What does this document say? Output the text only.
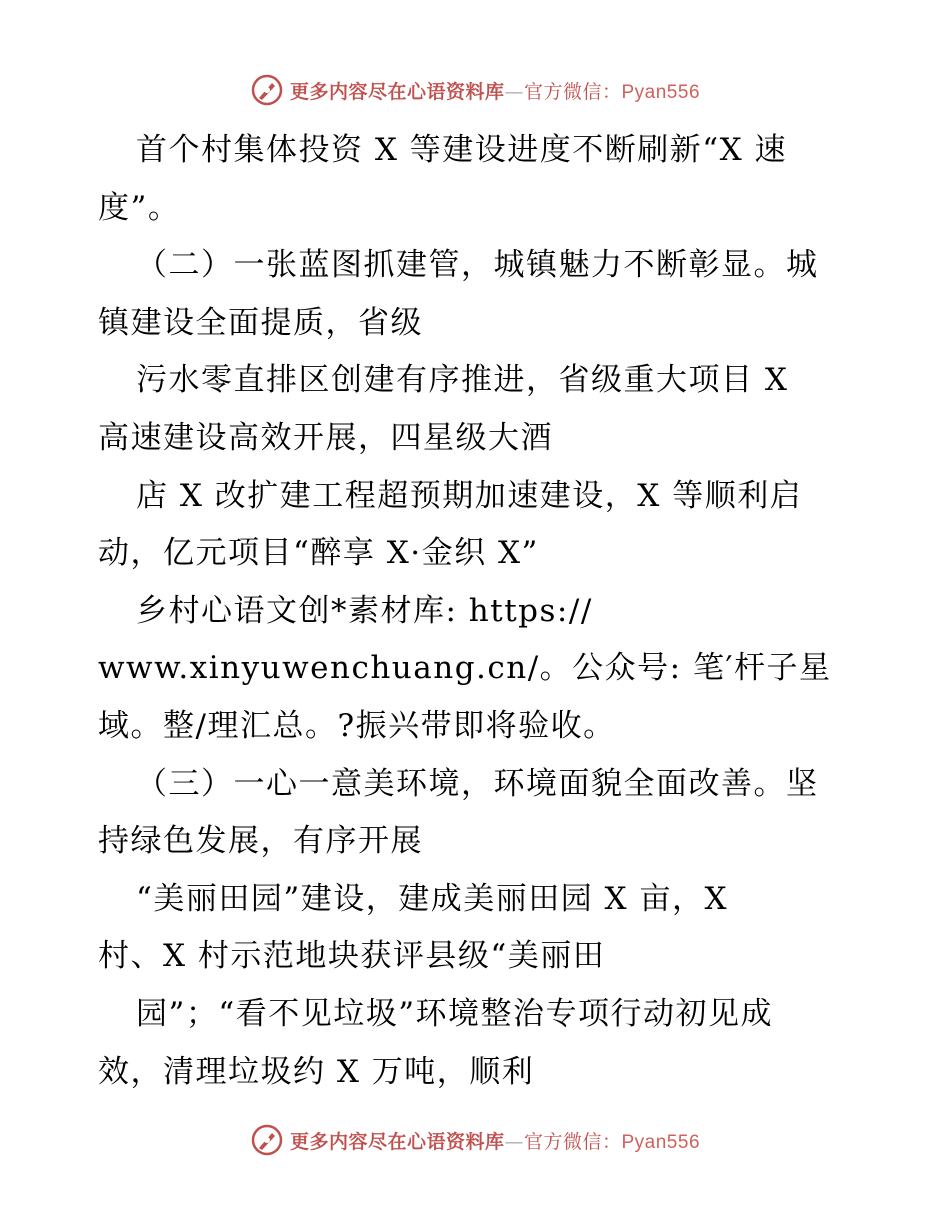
更多内容尽在心语资料库—官方微信：Pyan556
首个村集体投资 X 等建设进度不断刷新“X 速
度”。
（二）一张蓝图抓建管，城镇魅力不断彰显。城
镇建设全面提质，省级
污水零直排区创建有序推进，省级重大项目 X
高速建设高效开展，四星级大酒
店 X 改扩建工程超预期加速建设，X 等顺利启
动，亿元项目“醉享 X·金织 X”
乡村心语文创*素材库: https://
www.xinyuwenchuang.cn/。公众号: 笔′杆子星
域。整/理汇总。?振兴带即将验收。
（三）一心一意美环境，环境面貌全面改善。坚
持绿色发展，有序开展
“美丽田园”建设，建成美丽田园 X 亩，X
村、X 村示范地块获评县级“美丽田
园”；“看不见垃圾”环境整治专项行动初见成
效，清理垃圾约 X 万吨，顺利
更多内容尽在心语资料库—官方微信：Pyan556
